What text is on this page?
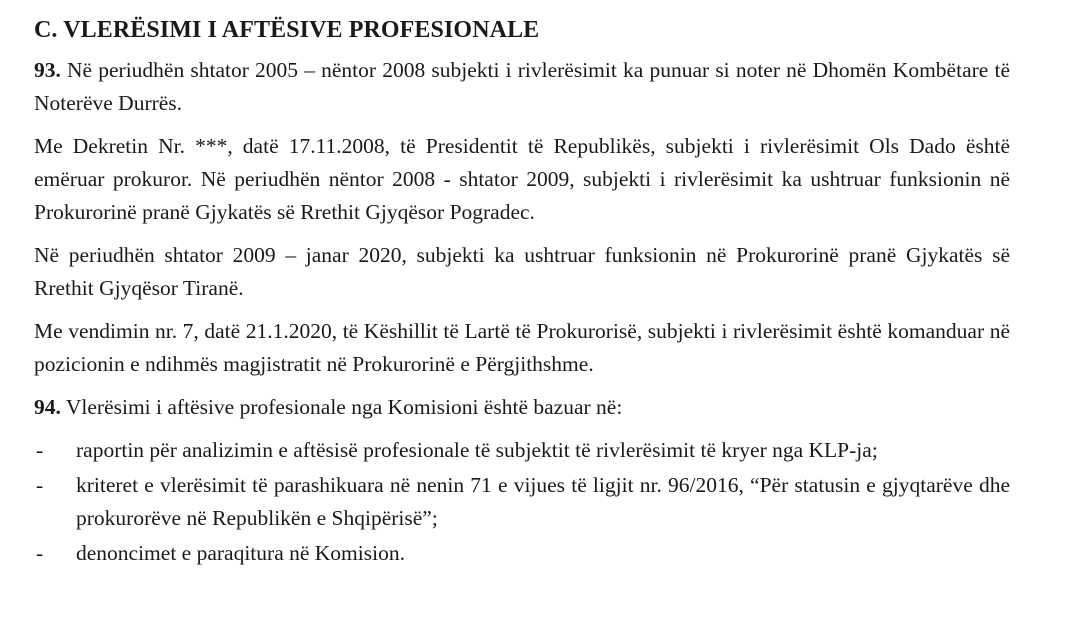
C. VLERËSIMI I AFTËSIVE PROFESIONALE

93. Në periudhën shtator 2005 – nëntor 2008 subjekti i rivlerësimit ka punuar si noter në Dhomën Kombëtare të Noterëve Durrës.

Me Dekretin Nr. ***, datë 17.11.2008, të Presidentit të Republikës, subjekti i rivlerësimit Ols Dado është emëruar prokuror. Në periudhën nëntor 2008 - shtator 2009, subjekti i rivlerësimit ka ushtruar funksionin në Prokurorinë pranë Gjykatës së Rrethit Gjyqësor Pogradec.

Në periudhën shtator 2009 – janar 2020, subjekti ka ushtruar funksionin në Prokurorinë pranë Gjykatës së Rrethit Gjyqësor Tiranë.

Me vendimin nr. 7, datë 21.1.2020, të Këshillit të Lartë të Prokurorisë, subjekti i rivlerësimit është komanduar në pozicionin e ndihmës magjistratit në Prokurorinë e Përgjithshme.

94. Vlerësimi i aftësive profesionale nga Komisioni është bazuar në:

- raportin për analizimin e aftësisë profesionale të subjektit të rivlerësimit të kryer nga KLP-ja;
- kriteret e vlerësimit të parashikuara në nenin 71 e vijues të ligjit nr. 96/2016, “Për statusin e gjyqtarëve dhe prokurorëve në Republikën e Shqipërisë”;
- denoncimet e paraqitura në Komision.
